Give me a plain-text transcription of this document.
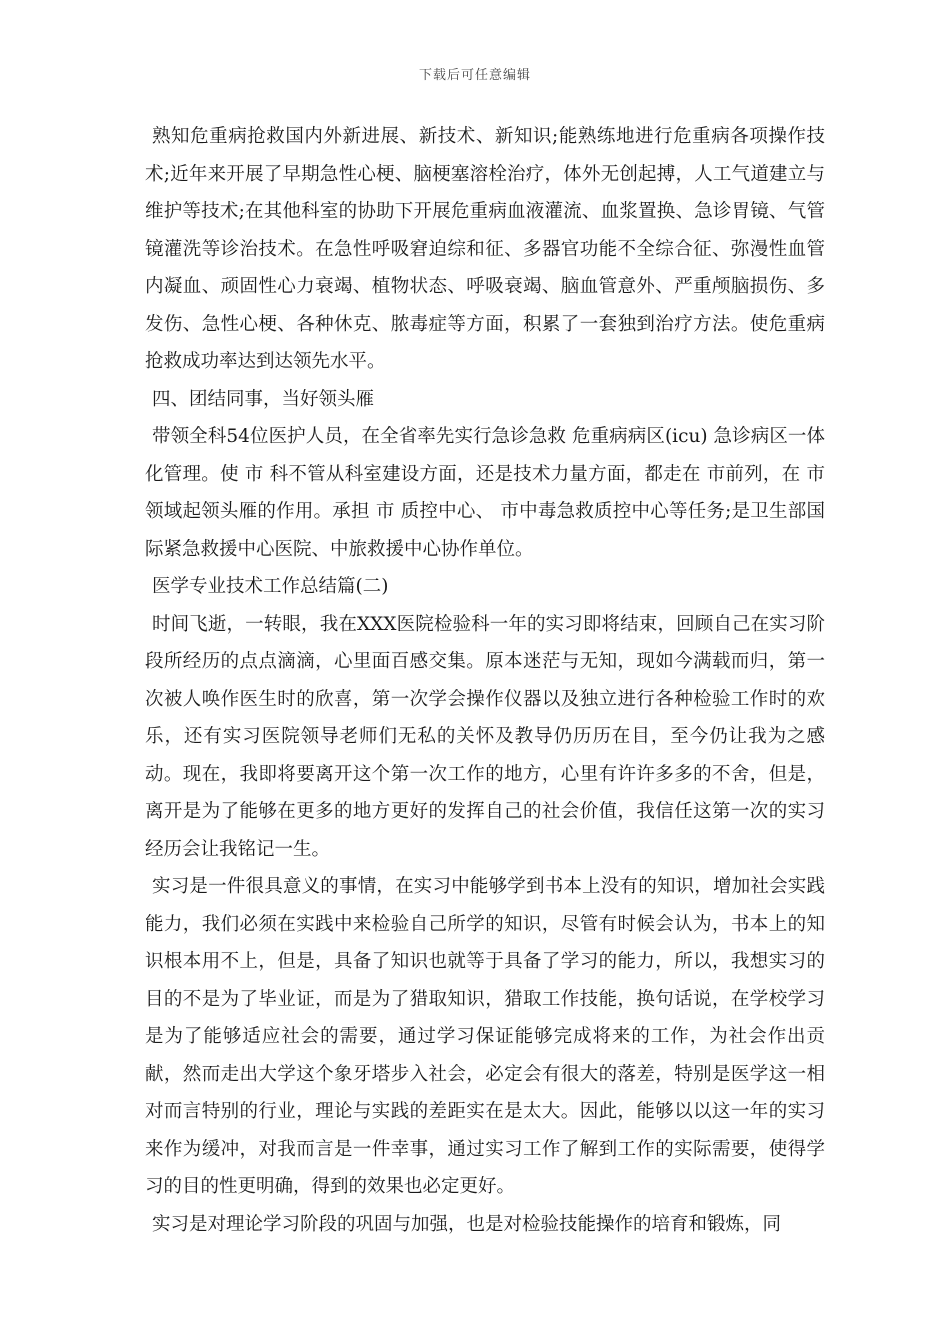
下载后可任意编辑

熟知危重病抢救国内外新进展、新技术、新知识;能熟练地进行危重病各项操作技术;近年来开展了早期急性心梗、脑梗塞溶栓治疗，体外无创起搏，人工气道建立与维护等技术;在其他科室的协助下开展危重病血液灌流、血浆置换、急诊胃镜、气管镜灌洗等诊治技术。在急性呼吸窘迫综和征、多器官功能不全综合征、弥漫性血管内凝血、顽固性心力衰竭、植物状态、呼吸衰竭、脑血管意外、严重颅脑损伤、多发伤、急性心梗、各种休克、脓毒症等方面，积累了一套独到治疗方法。使危重病抢救成功率达到达领先水平。

四、团结同事，当好领头雁

带领全科54位医护人员，在全省率先实行急诊急救 危重病病区(icu) 急诊病区一体化管理。使 市 科不管从科室建设方面，还是技术力量方面，都走在 市前列，在 市 领域起领头雁的作用。承担 市 质控中心、 市中毒急救质控中心等任务;是卫生部国际紧急救援中心医院、中旅救援中心协作单位。

医学专业技术工作总结篇(二)

时间飞逝，一转眼，我在XXX医院检验科一年的实习即将结束，回顾自己在实习阶段所经历的点点滴滴，心里面百感交集。原本迷茫与无知，现如今满载而归，第一次被人唤作医生时的欣喜，第一次学会操作仪器以及独立进行各种检验工作时的欢乐，还有实习医院领导老师们无私的关怀及教导仍历历在目，至今仍让我为之感动。现在，我即将要离开这个第一次工作的地方，心里有许许多多的不舍，但是，离开是为了能够在更多的地方更好的发挥自己的社会价值，我信任这第一次的实习经历会让我铭记一生。

实习是一件很具意义的事情，在实习中能够学到书本上没有的知识，增加社会实践能力，我们必须在实践中来检验自己所学的知识，尽管有时候会认为，书本上的知识根本用不上，但是，具备了知识也就等于具备了学习的能力，所以，我想实习的目的不是为了毕业证，而是为了猎取知识，猎取工作技能，换句话说，在学校学习是为了能够适应社会的需要，通过学习保证能够完成将来的工作，为社会作出贡献，然而走出大学这个象牙塔步入社会，必定会有很大的落差，特别是医学这一相对而言特别的行业，理论与实践的差距实在是太大。因此，能够以以这一年的实习来作为缓冲，对我而言是一件幸事，通过实习工作了解到工作的实际需要，使得学习的目的性更明确，得到的效果也必定更好。

实习是对理论学习阶段的巩固与加强，也是对检验技能操作的培育和锻炼，同
